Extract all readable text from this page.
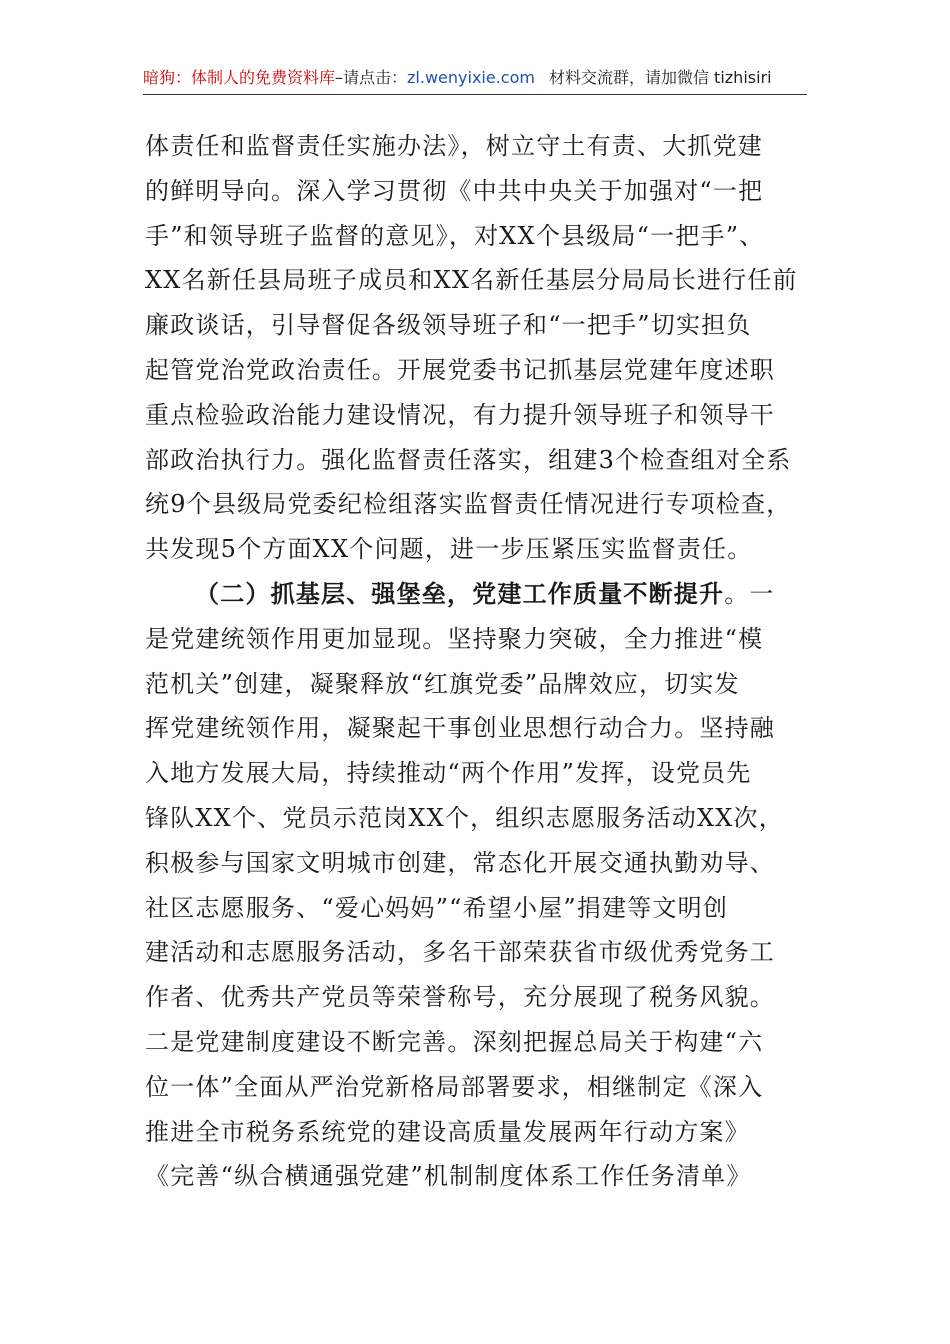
暗狗：体制人的免费资料库 –请点击： zl.wenyixie.com 材料交流群，请加微信 tizhisiri
体责任和监督责任实施办法》，树立守土有责、大抓党建
的鲜明导向。深入学习贯彻《中共中央关于加强对“一把
手”和领导班子监督的意见》，对XX个县级局“一把手”、
XX名新任县局班子成员和XX名新任基层分局局长进行任前
廉政谈话，引导督促各级领导班子和“一把手”切实担负
起管党治党政治责任。开展党委书记抓基层党建年度述职
重点检验政治能力建设情况，有力提升领导班子和领导干
部政治执行力。强化监督责任落实，组建3个检查组对全系
统9个县级局党委纪检组落实监督责任情况进行专项检查，
共发现5个方面XX个问题，进一步压紧压实监督责任。
（二）抓基层、强堡垒，党建工作质量不断提升。一
是党建统领作用更加显现。坚持聚力突破，全力推进“模
范机关”创建，凝聚释放“红旗党委”品牌效应，切实发
挥党建统领作用，凝聚起干事创业思想行动合力。坚持融
入地方发展大局，持续推动“两个作用”发挥，设党员先
锋队XX个、党员示范岗XX个，组织志愿服务活动XX次，
积极参与国家文明城市创建，常态化开展交通执勤劝导、
社区志愿服务、“爱心妈妈”“希望小屋”捐建等文明创
建活动和志愿服务活动，多名干部荣获省市级优秀党务工
作者、优秀共产党员等荣誉称号，充分展现了税务风貌。
二是党建制度建设不断完善。深刻把握总局关于构建“六
位一体”全面从严治党新格局部署要求，相继制定《深入
推进全市税务系统党的建设高质量发展两年行动方案》
《完善“纵合横通强党建”机制制度体系工作任务清单》
